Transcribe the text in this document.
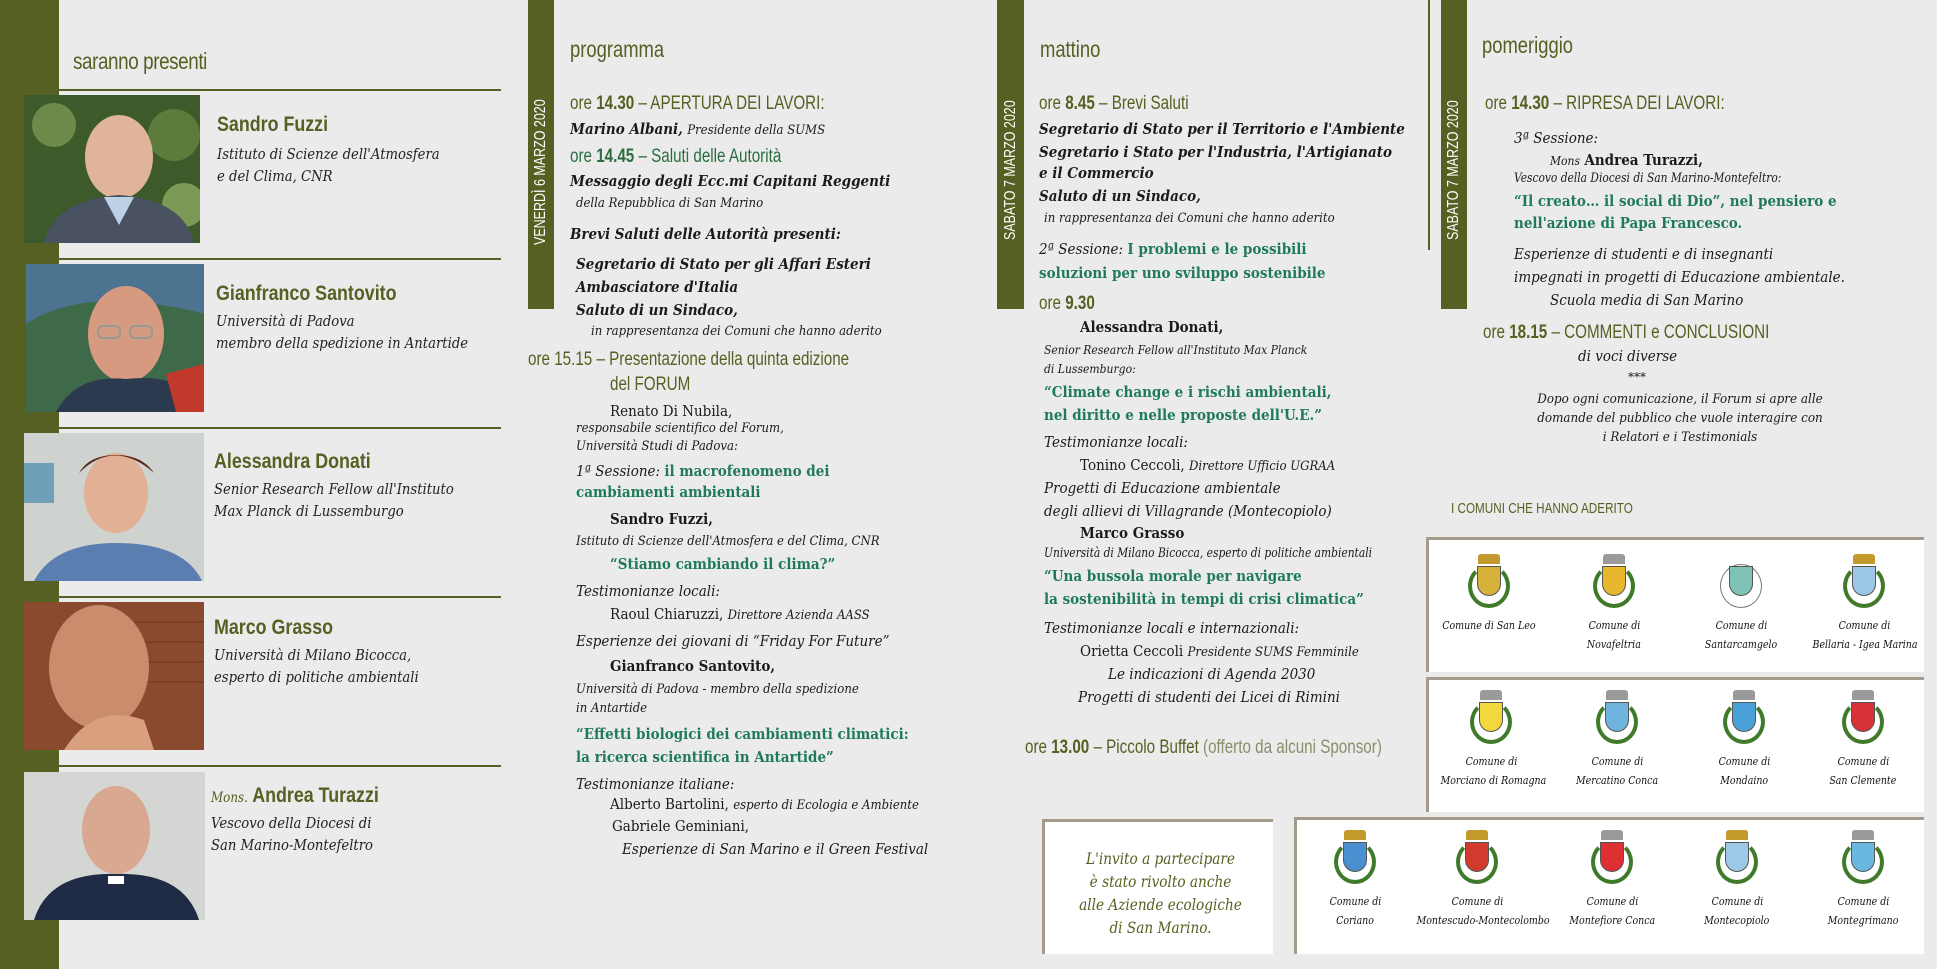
saranno presenti
Sandro Fuzzi
Istituto di Scienze dell'Atmosfera
e del Clima, CNR
Gianfranco Santovito
Università di Padova
membro della spedizione in Antartide
Alessandra Donati
Senior Research Fellow all'Instituto
Max Planck di Lussemburgo
Marco Grasso
Università di Milano Bicocca,
esperto di politiche ambientali
Mons. Andrea Turazzi
Vescovo della Diocesi di
San Marino-Montefeltro
VENERDÌ 6 MARZO 2020
programma
ore 14.30 – APERTURA DEI LAVORI:
Marino Albani, Presidente della SUMS
ore 14.45 – Saluti delle Autorità
Messaggio degli Ecc.mi Capitani Reggenti
della Repubblica di San Marino
Brevi Saluti delle Autorità presenti:
Segretario di Stato per gli Affari Esteri
Ambasciatore d'Italia
Saluto di un Sindaco,
in rappresentanza dei Comuni che hanno aderito
ore 15.15 – Presentazione della quinta edizione
del FORUM
Renato Di Nubila,
responsabile scientifico del Forum,
Università Studi di Padova:
1ª Sessione: il macrofenomeno dei
cambiamenti ambientali
Sandro Fuzzi,
Istituto di Scienze dell'Atmosfera e del Clima, CNR
“Stiamo cambiando il clima?”
Testimonianze locali:
Raoul Chiaruzzi, Direttore Azienda AASS
Esperienze dei giovani di “Friday For Future”
Gianfranco Santovito,
Università di Padova - membro della spedizione
in Antartide
“Effetti biologici dei cambiamenti climatici:
la ricerca scientifica in Antartide”
Testimonianze italiane:
Alberto Bartolini, esperto di Ecologia e Ambiente
Gabriele Geminiani,
Esperienze di San Marino e il Green Festival
SABATO 7 MARZO 2020
mattino
ore 8.45 – Brevi Saluti
Segretario di Stato per il Territorio e l'Ambiente
Segretario i Stato per l'Industria, l'Artigianato
e il Commercio
Saluto di un Sindaco,
in rappresentanza dei Comuni che hanno aderito
2ª Sessione: I problemi e le possibili
soluzioni per uno sviluppo sostenibile
ore 9.30
Alessandra Donati,
Senior Research Fellow all'Instituto Max Planck
di Lussemburgo:
“Climate change e i rischi ambientali,
nel diritto e nelle proposte dell'U.E.”
Testimonianze locali:
Tonino Ceccoli, Direttore Ufficio UGRAA
Progetti di Educazione ambientale
degli allievi di Villagrande (Montecopiolo)
Marco Grasso
Università di Milano Bicocca, esperto di politiche ambientali
“Una bussola morale per navigare
la sostenibilità in tempi di crisi climatica”
Testimonianze locali e internazionali:
Orietta Ceccoli Presidente SUMS Femminile
Le indicazioni di Agenda 2030
Progetti di studenti dei Licei di Rimini
ore 13.00 – Piccolo Buffet (offerto da alcuni Sponsor)
SABATO 7 MARZO 2020
pomeriggio
ore 14.30 – RIPRESA DEI LAVORI:
3ª Sessione:
Mons Andrea Turazzi,
Vescovo della Diocesi di San Marino-Montefeltro:
“Il creato… il social di Dio”, nel pensiero e
nell'azione di Papa Francesco.
Esperienze di studenti e di insegnanti
impegnati in progetti di Educazione ambientale.
Scuola media di San Marino
ore 18.15 – COMMENTI e CONCLUSIONI
di voci diverse
***
Dopo ogni comunicazione, il Forum si apre alle
domande del pubblico che vuole interagire con
i Relatori e i Testimonials
I COMUNI CHE HANNO ADERITO
Comune di San Leo	Comune di
Novafeltria
Comune di
Santarcamgelo
Comune di
Bellaria - Igea Marina
Comune di
Morciano di Romagna
Comune di
Mercatino Conca
Comune di
Mondaino
Comune di
San Clemente
L'invito a partecipare
è stato rivolto anche
alle Aziende ecologiche
di San Marino.
Comune di
Coriano
Comune di
Montescudo-Montecolombo
Comune di
Montefiore Conca
Comune di
Montecopiolo
Comune di
Montegrimano
